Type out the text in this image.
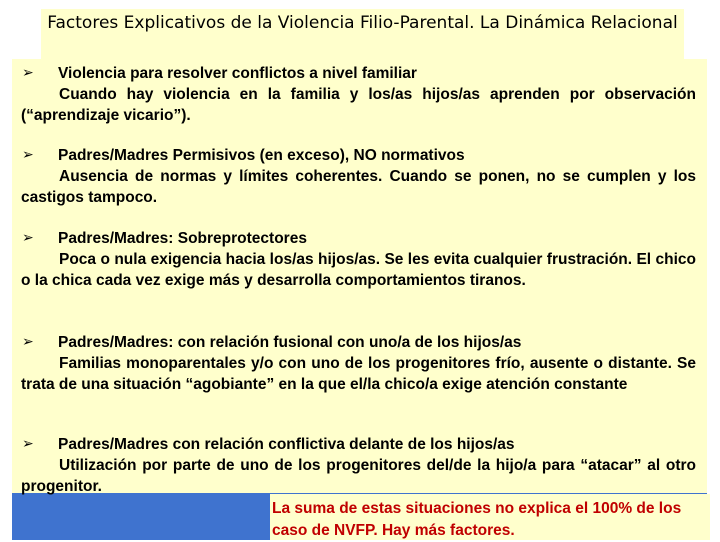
Factores Explicativos de la Violencia Filio-Parental. La Dinámica Relacional
➢	Violencia para resolver conflictos a nivel familiar

Cuando hay violencia en la familia y los/as hijos/as aprenden por observación (“aprendizaje vicario”).

➢	Padres/Madres Permisivos (en exceso), NO normativos

Ausencia de normas y límites coherentes. Cuando se ponen, no se cumplen y los castigos tampoco.

➢	Padres/Madres: Sobreprotectores

Poca o nula exigencia hacia los/as hijos/as. Se les evita cualquier frustración. El chico o la chica cada vez exige más y desarrolla comportamientos tiranos.

➢	Padres/Madres: con relación fusional con uno/a de los hijos/as

Familias monoparentales y/o con uno de los progenitores frío, ausente o distante. Se trata de una situación “agobiante” en la que el/la chico/a exige atención constante

➢	Padres/Madres con relación conflictiva delante de los hijos/as

Utilización por parte de uno de los progenitores del/de la hijo/a para “atacar” al otro progenitor.

La suma de estas situaciones no explica el 100% de los caso de NVFP. Hay más factores.
